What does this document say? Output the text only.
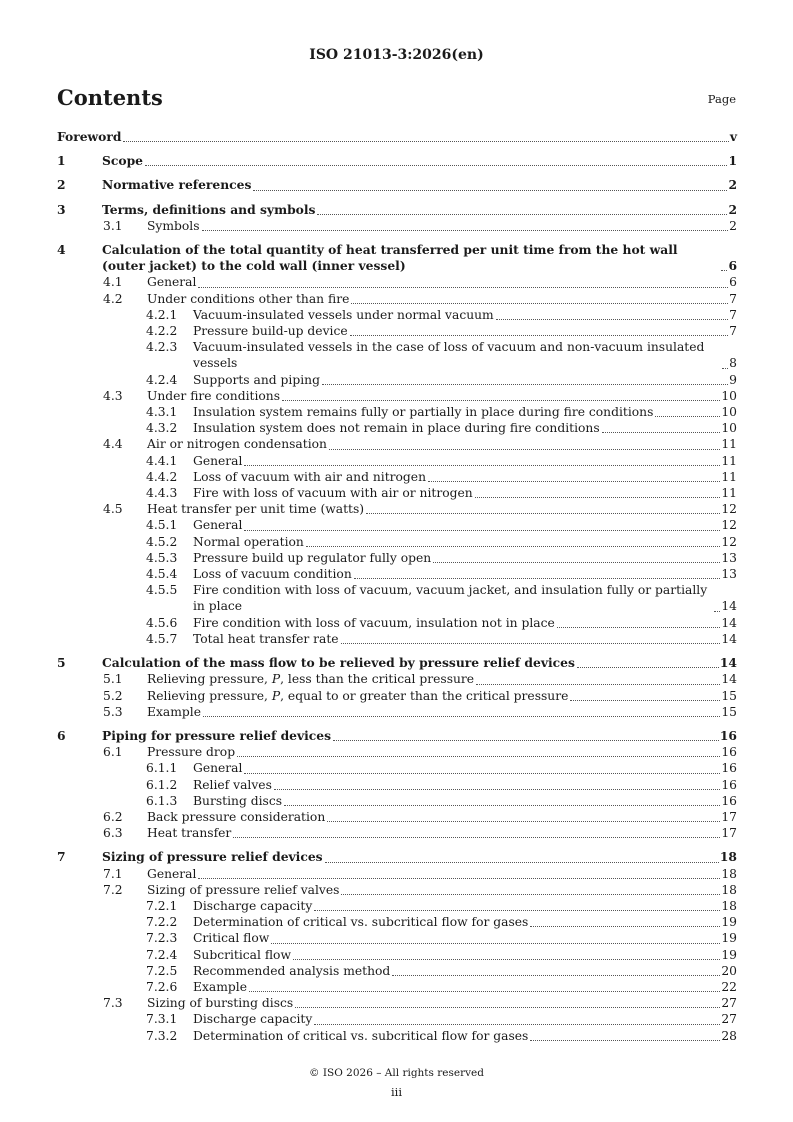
ISO 21013-3:2026(en)
Contents	Page
Foreword	v
1	Scope	1
2	Normative references	2
3	Terms, definitions and symbols	2
3.1 Symbols	2
4	Calculation of the total quantity of heat transferred per unit time from the hot wall (outer jacket) to the cold wall (inner vessel)	6
4.1 General	6
4.2 Under conditions other than fire	7
4.2.1 Vacuum-insulated vessels under normal vacuum	7
4.2.2 Pressure build-up device	7
4.2.3 Vacuum-insulated vessels in the case of loss of vacuum and non-vacuum insulated vessels	8
4.2.4 Supports and piping	9
4.3 Under fire conditions	10
4.3.1 Insulation system remains fully or partially in place during fire conditions	10
4.3.2 Insulation system does not remain in place during fire conditions	10
4.4 Air or nitrogen condensation	11
4.4.1 General	11
4.4.2 Loss of vacuum with air and nitrogen	11
4.4.3 Fire with loss of vacuum with air or nitrogen	11
4.5 Heat transfer per unit time (watts)	12
4.5.1 General	12
4.5.2 Normal operation	12
4.5.3 Pressure build up regulator fully open	13
4.5.4 Loss of vacuum condition	13
4.5.5 Fire condition with loss of vacuum, vacuum jacket, and insulation fully or partially in place	14
4.5.6 Fire condition with loss of vacuum, insulation not in place	14
4.5.7 Total heat transfer rate	14
5	Calculation of the mass flow to be relieved by pressure relief devices	14
5.1 Relieving pressure, P, less than the critical pressure	14
5.2 Relieving pressure, P, equal to or greater than the critical pressure	15
5.3 Example	15
6	Piping for pressure relief devices	16
6.1 Pressure drop	16
6.1.1 General	16
6.1.2 Relief valves	16
6.1.3 Bursting discs	16
6.2 Back pressure consideration	17
6.3 Heat transfer	17
7	Sizing of pressure relief devices	18
7.1 General	18
7.2 Sizing of pressure relief valves	18
7.2.1 Discharge capacity	18
7.2.2 Determination of critical vs. subcritical flow for gases	19
7.2.3 Critical flow	19
7.2.4 Subcritical flow	19
7.2.5 Recommended analysis method	20
7.2.6 Example	22
7.3 Sizing of bursting discs	27
7.3.1 Discharge capacity	27
7.3.2 Determination of critical vs. subcritical flow for gases	28
© ISO 2026 – All rights reserved
iii
